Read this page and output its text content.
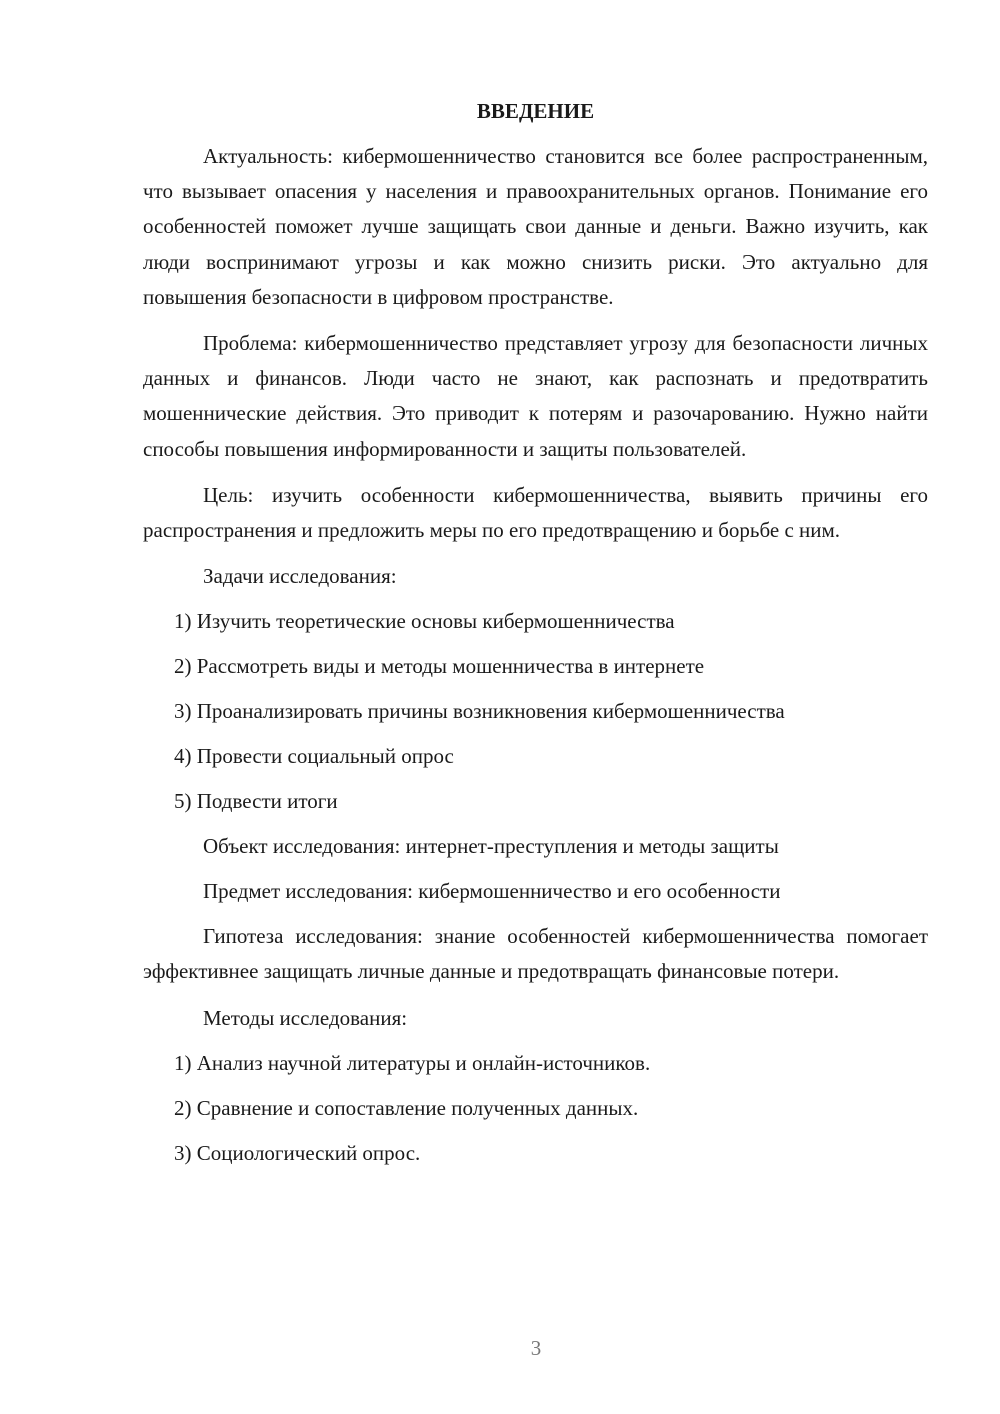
ВВЕДЕНИЕ

Актуальность: кибермошенничество становится все более распространенным, что вызывает опасения у населения и правоохранительных органов. Понимание его особенностей поможет лучше защищать свои данные и деньги. Важно изучить, как люди воспринимают угрозы и как можно снизить риски. Это актуально для повышения безопасности в цифровом пространстве.

Проблема: кибермошенничество представляет угрозу для безопасности личных данных и финансов. Люди часто не знают, как распознать и предотвратить мошеннические действия. Это приводит к потерям и разочарованию. Нужно найти способы повышения информированности и защиты пользователей.

Цель: изучить особенности кибермошенничества, выявить причины его распространения и предложить меры по его предотвращению и борьбе с ним.

Задачи исследования:
1) Изучить теоретические основы кибермошенничества
2) Рассмотреть виды и методы мошенничества в интернете
3) Проанализировать причины возникновения кибермошенничества
4) Провести социальный опрос
5) Подвести итоги
Объект исследования: интернет-преступления и методы защиты
Предмет исследования: кибермошенничество и его особенности

Гипотеза исследования: знание особенностей кибермошенничества помогает эффективнее защищать личные данные и предотвращать финансовые потери.

Методы исследования:
1) Анализ научной литературы и онлайн-источников.
2) Сравнение и сопоставление полученных данных.
3) Социологический опрос.
3
